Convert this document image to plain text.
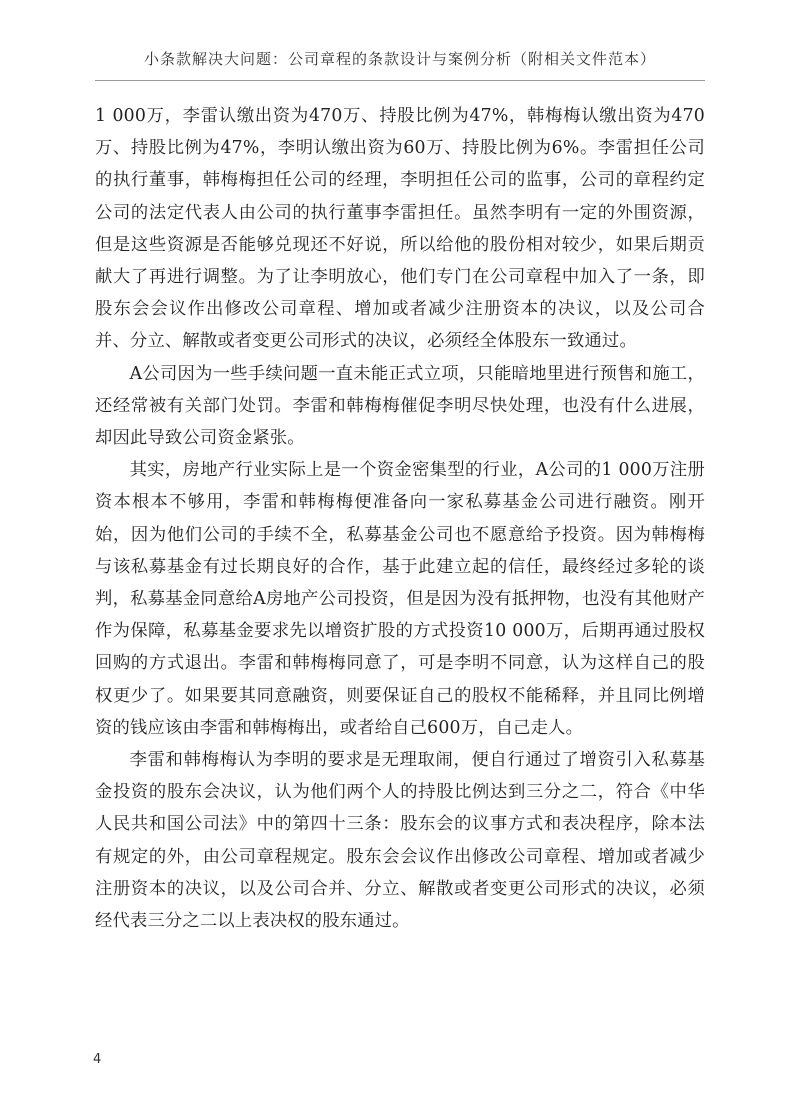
小条款解决大问题：公司章程的条款设计与案例分析（附相关文件范本）

1 000万，李雷认缴出资为470万、持股比例为47%，韩梅梅认缴出资为470万、持股比例为47%，李明认缴出资为60万、持股比例为6%。李雷担任公司的执行董事，韩梅梅担任公司的经理，李明担任公司的监事，公司的章程约定公司的法定代表人由公司的执行董事李雷担任。虽然李明有一定的外围资源，但是这些资源是否能够兑现还不好说，所以给他的股份相对较少，如果后期贡献大了再进行调整。为了让李明放心，他们专门在公司章程中加入了一条，即股东会会议作出修改公司章程、增加或者减少注册资本的决议，以及公司合并、分立、解散或者变更公司形式的决议，必须经全体股东一致通过。

A公司因为一些手续问题一直未能正式立项，只能暗地里进行预售和施工，还经常被有关部门处罚。李雷和韩梅梅催促李明尽快处理，也没有什么进展，却因此导致公司资金紧张。

其实，房地产行业实际上是一个资金密集型的行业，A公司的1 000万注册资本根本不够用，李雷和韩梅梅便准备向一家私募基金公司进行融资。刚开始，因为他们公司的手续不全，私募基金公司也不愿意给予投资。因为韩梅梅与该私募基金有过长期良好的合作，基于此建立起的信任，最终经过多轮的谈判，私募基金同意给A房地产公司投资，但是因为没有抵押物，也没有其他财产作为保障，私募基金要求先以增资扩股的方式投资10 000万，后期再通过股权回购的方式退出。李雷和韩梅梅同意了，可是李明不同意，认为这样自己的股权更少了。如果要其同意融资，则要保证自己的股权不能稀释，并且同比例增资的钱应该由李雷和韩梅梅出，或者给自己600万，自己走人。

李雷和韩梅梅认为李明的要求是无理取闹，便自行通过了增资引入私募基金投资的股东会决议，认为他们两个人的持股比例达到三分之二，符合《中华人民共和国公司法》中的第四十三条：股东会的议事方式和表决程序，除本法有规定的外，由公司章程规定。股东会会议作出修改公司章程、增加或者减少注册资本的决议，以及公司合并、分立、解散或者变更公司形式的决议，必须经代表三分之二以上表决权的股东通过。

4
